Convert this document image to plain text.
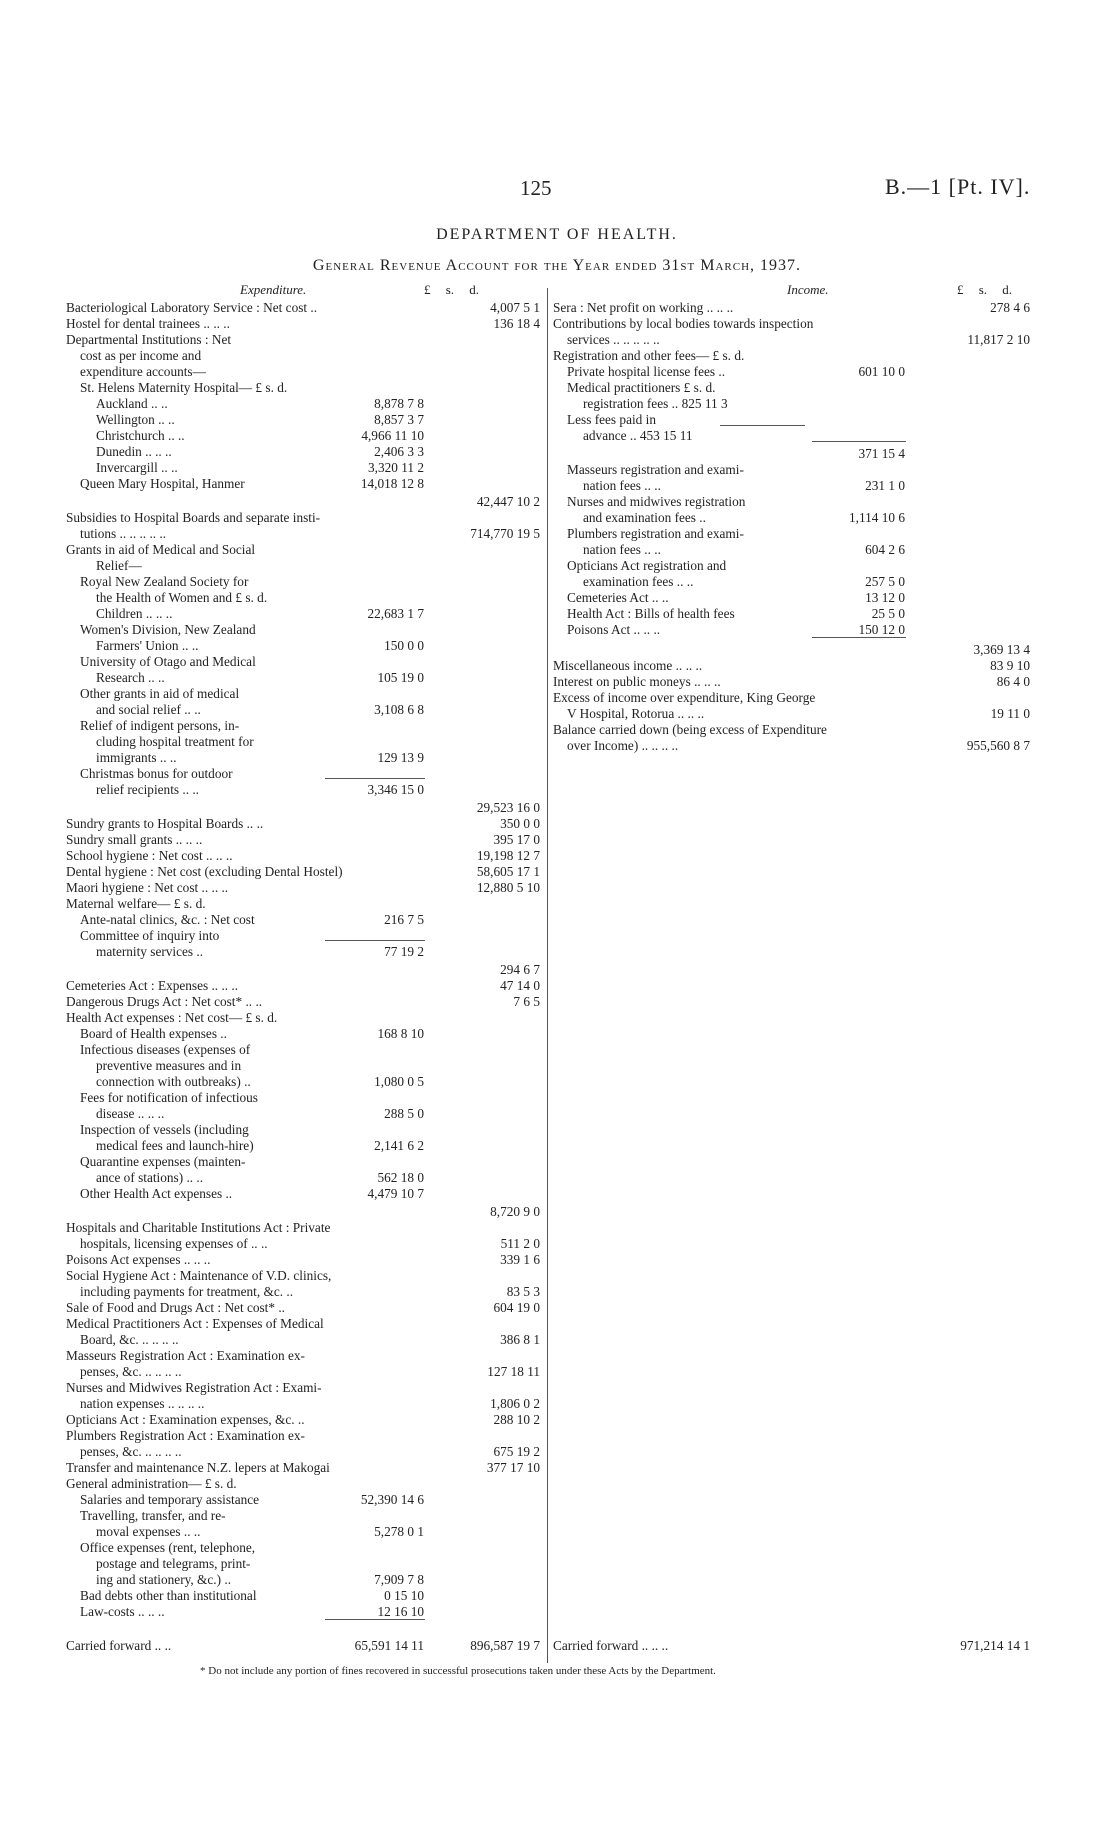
125	B.—1 [Pt. IV].
DEPARTMENT OF HEALTH.
General Revenue Account for the Year ended 31st March, 1937.
Expenditure.	£ s. d.	Income.	£ s. d.
Bacteriological Laboratory Service : Net cost ..	4,007 5 1
Hostel for dental trainees .. .. ..	136 18 4
Departmental Institutions : Net
cost as per income and
expenditure accounts—
St. Helens Maternity Hospital— £ s. d.
Auckland .. ..	8,878 7 8
Wellington .. ..	8,857 3 7
Christchurch .. ..	4,966 11 10
Dunedin .. .. ..	2,406 3 3
Invercargill .. ..	3,320 11 2
Queen Mary Hospital, Hanmer	14,018 12 8
42,447 10 2
Subsidies to Hospital Boards and separate insti-
tutions .. .. .. .. ..	714,770 19 5
Grants in aid of Medical and Social
Relief—
Royal New Zealand Society for
the Health of Women and £ s. d.
Children .. .. ..	22,683 1 7
Women's Division, New Zealand
Farmers' Union .. ..	150 0 0
University of Otago and Medical
Research .. ..	105 19 0
Other grants in aid of medical
and social relief .. ..	3,108 6 8
Relief of indigent persons, in-
cluding hospital treatment for
immigrants .. ..	129 13 9
Christmas bonus for outdoor
relief recipients .. ..	3,346 15 0
29,523 16 0
Sundry grants to Hospital Boards .. ..	350 0 0
Sundry small grants .. .. ..	395 17 0
School hygiene : Net cost .. .. ..	19,198 12 7
Dental hygiene : Net cost (excluding Dental Hostel)	58,605 17 1
Maori hygiene : Net cost .. .. ..	12,880 5 10
Maternal welfare— £ s. d.
Ante-natal clinics, &c. : Net cost	216 7 5
Committee of inquiry into
maternity services ..	77 19 2
294 6 7
Cemeteries Act : Expenses .. .. ..	47 14 0
Dangerous Drugs Act : Net cost* .. ..	7 6 5
Health Act expenses : Net cost— £ s. d.
Board of Health expenses ..	168 8 10
Infectious diseases (expenses of
preventive measures and in
connection with outbreaks) ..	1,080 0 5
Fees for notification of infectious
disease .. .. ..	288 5 0
Inspection of vessels (including
medical fees and launch-hire)	2,141 6 2
Quarantine expenses (mainten-
ance of stations) .. ..	562 18 0
Other Health Act expenses ..	4,479 10 7
8,720 9 0
Hospitals and Charitable Institutions Act : Private
hospitals, licensing expenses of .. ..	511 2 0
Poisons Act expenses .. .. ..	339 1 6
Social Hygiene Act : Maintenance of V.D. clinics,
including payments for treatment, &c. ..	83 5 3
Sale of Food and Drugs Act : Net cost* ..	604 19 0
Medical Practitioners Act : Expenses of Medical
Board, &c. .. .. .. ..	386 8 1
Masseurs Registration Act : Examination ex-
penses, &c. .. .. .. ..	127 18 11
Nurses and Midwives Registration Act : Exami-
nation expenses .. .. .. ..	1,806 0 2
Opticians Act : Examination expenses, &c. ..	288 10 2
Plumbers Registration Act : Examination ex-
penses, &c. .. .. .. ..	675 19 2
Transfer and maintenance N.Z. lepers at Makogai	377 17 10
General administration— £ s. d.
Salaries and temporary assistance	52,390 14 6
Travelling, transfer, and re-
moval expenses .. ..	5,278 0 1
Office expenses (rent, telephone,
postage and telegrams, print-
ing and stationery, &c.) ..	7,909 7 8
Bad debts other than institutional	0 15 10
Law-costs .. .. ..	12 16 10
Carried forward .. ..	65,591 14 11	896,587 19 7
Sera : Net profit on working .. .. ..	278 4 6
Contributions by local bodies towards inspection
services .. .. .. .. ..	11,817 2 10
Registration and other fees— £ s. d.
Private hospital license fees ..	601 10 0
Medical practitioners £ s. d.
registration fees .. 825 11 3
Less fees paid in
advance .. 453 15 11
371 15 4
Masseurs registration and exami-
nation fees .. ..	231 1 0
Nurses and midwives registration
and examination fees ..	1,114 10 6
Plumbers registration and exami-
nation fees .. ..	604 2 6
Opticians Act registration and
examination fees .. ..	257 5 0
Cemeteries Act .. ..	13 12 0
Health Act : Bills of health fees	25 5 0
Poisons Act .. .. ..	150 12 0
3,369 13 4
Miscellaneous income .. .. ..	83 9 10
Interest on public moneys .. .. ..	86 4 0
Excess of income over expenditure, King George
V Hospital, Rotorua .. .. ..	19 11 0
Balance carried down (being excess of Expenditure
over Income) .. .. .. ..	955,560 8 7
Carried forward .. .. ..	971,214 14 1
* Do not include any portion of fines recovered in successful prosecutions taken under these Acts by the Department.
